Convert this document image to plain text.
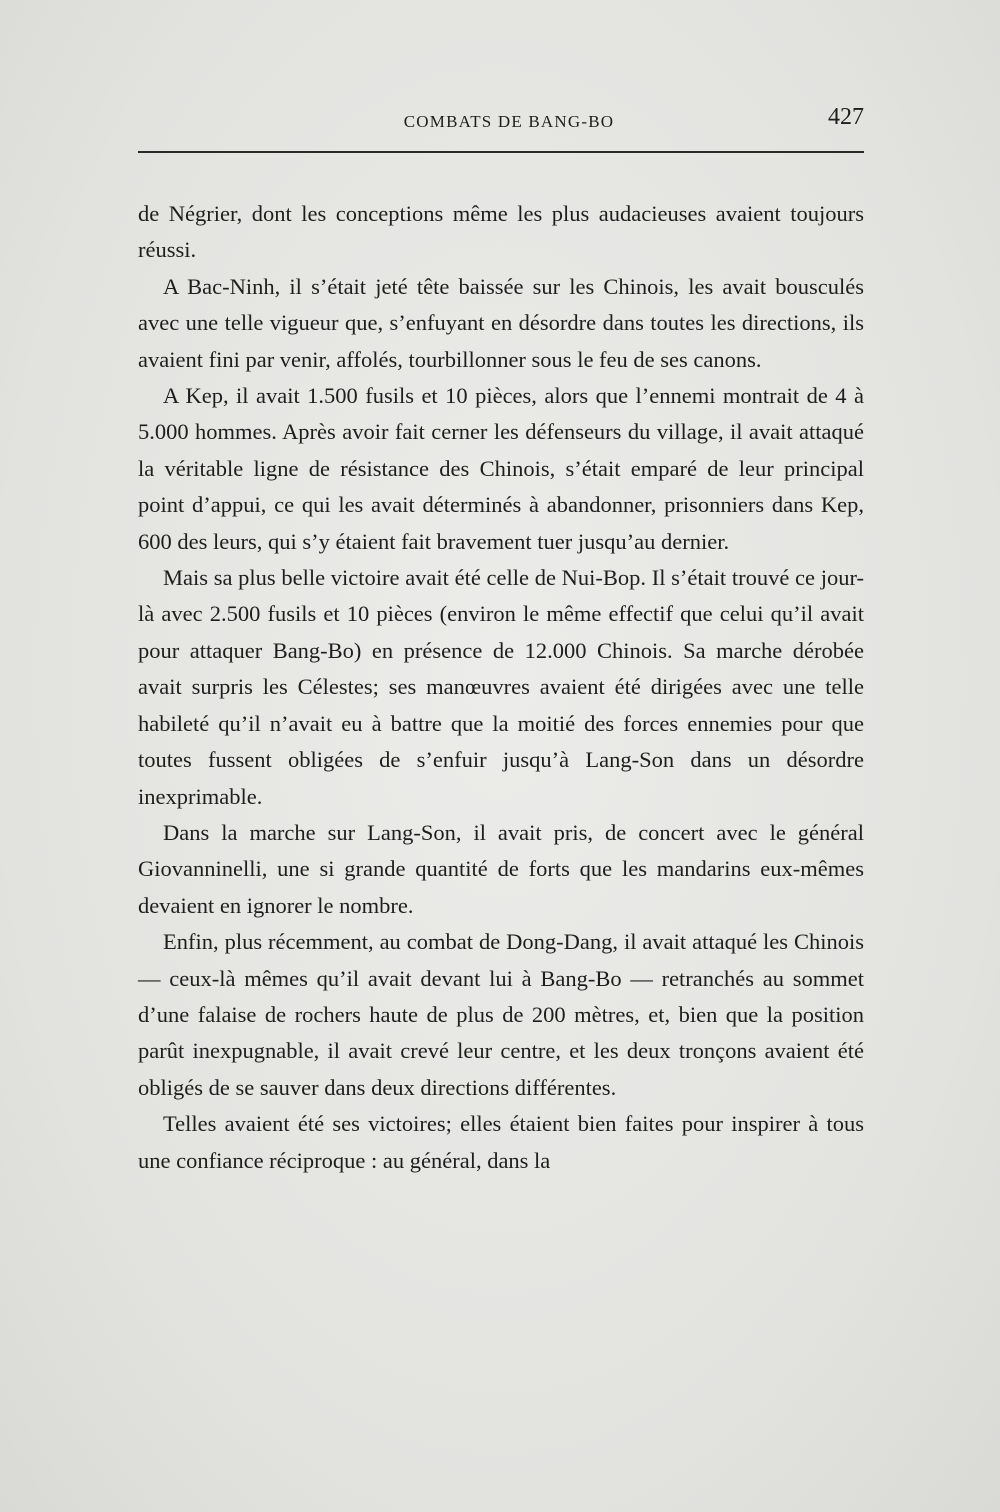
COMBATS DE BANG-BO	427

de Négrier, dont les conceptions même les plus audacieuses avaient toujours réussi.

A Bac-Ninh, il s’était jeté tête baissée sur les Chinois, les avait bousculés avec une telle vigueur que, s’enfuyant en désordre dans toutes les directions, ils avaient fini par venir, affolés, tourbillonner sous le feu de ses canons.

A Kep, il avait 1.500 fusils et 10 pièces, alors que l’ennemi montrait de 4 à 5.000 hommes. Après avoir fait cerner les défenseurs du village, il avait attaqué la véritable ligne de résistance des Chinois, s’était emparé de leur principal point d’appui, ce qui les avait déterminés à abandonner, prisonniers dans Kep, 600 des leurs, qui s’y étaient fait bravement tuer jusqu’au dernier.

Mais sa plus belle victoire avait été celle de Nui-Bop. Il s’était trouvé ce jour-là avec 2.500 fusils et 10 pièces (environ le même effectif que celui qu’il avait pour attaquer Bang-Bo) en présence de 12.000 Chinois. Sa marche dérobée avait surpris les Célestes; ses manœuvres avaient été dirigées avec une telle habileté qu’il n’avait eu à battre que la moitié des forces ennemies pour que toutes fussent obligées de s’enfuir jusqu’à Lang-Son dans un désordre inexprimable.

Dans la marche sur Lang-Son, il avait pris, de concert avec le général Giovanninelli, une si grande quantité de forts que les mandarins eux-mêmes devaient en ignorer le nombre.

Enfin, plus récemment, au combat de Dong-Dang, il avait attaqué les Chinois — ceux-là mêmes qu’il avait devant lui à Bang-Bo — retranchés au sommet d’une falaise de rochers haute de plus de 200 mètres, et, bien que la position parût inexpugnable, il avait crevé leur centre, et les deux tronçons avaient été obligés de se sauver dans deux directions différentes.

Telles avaient été ses victoires; elles étaient bien faites pour inspirer à tous une confiance réciproque : au général, dans la
